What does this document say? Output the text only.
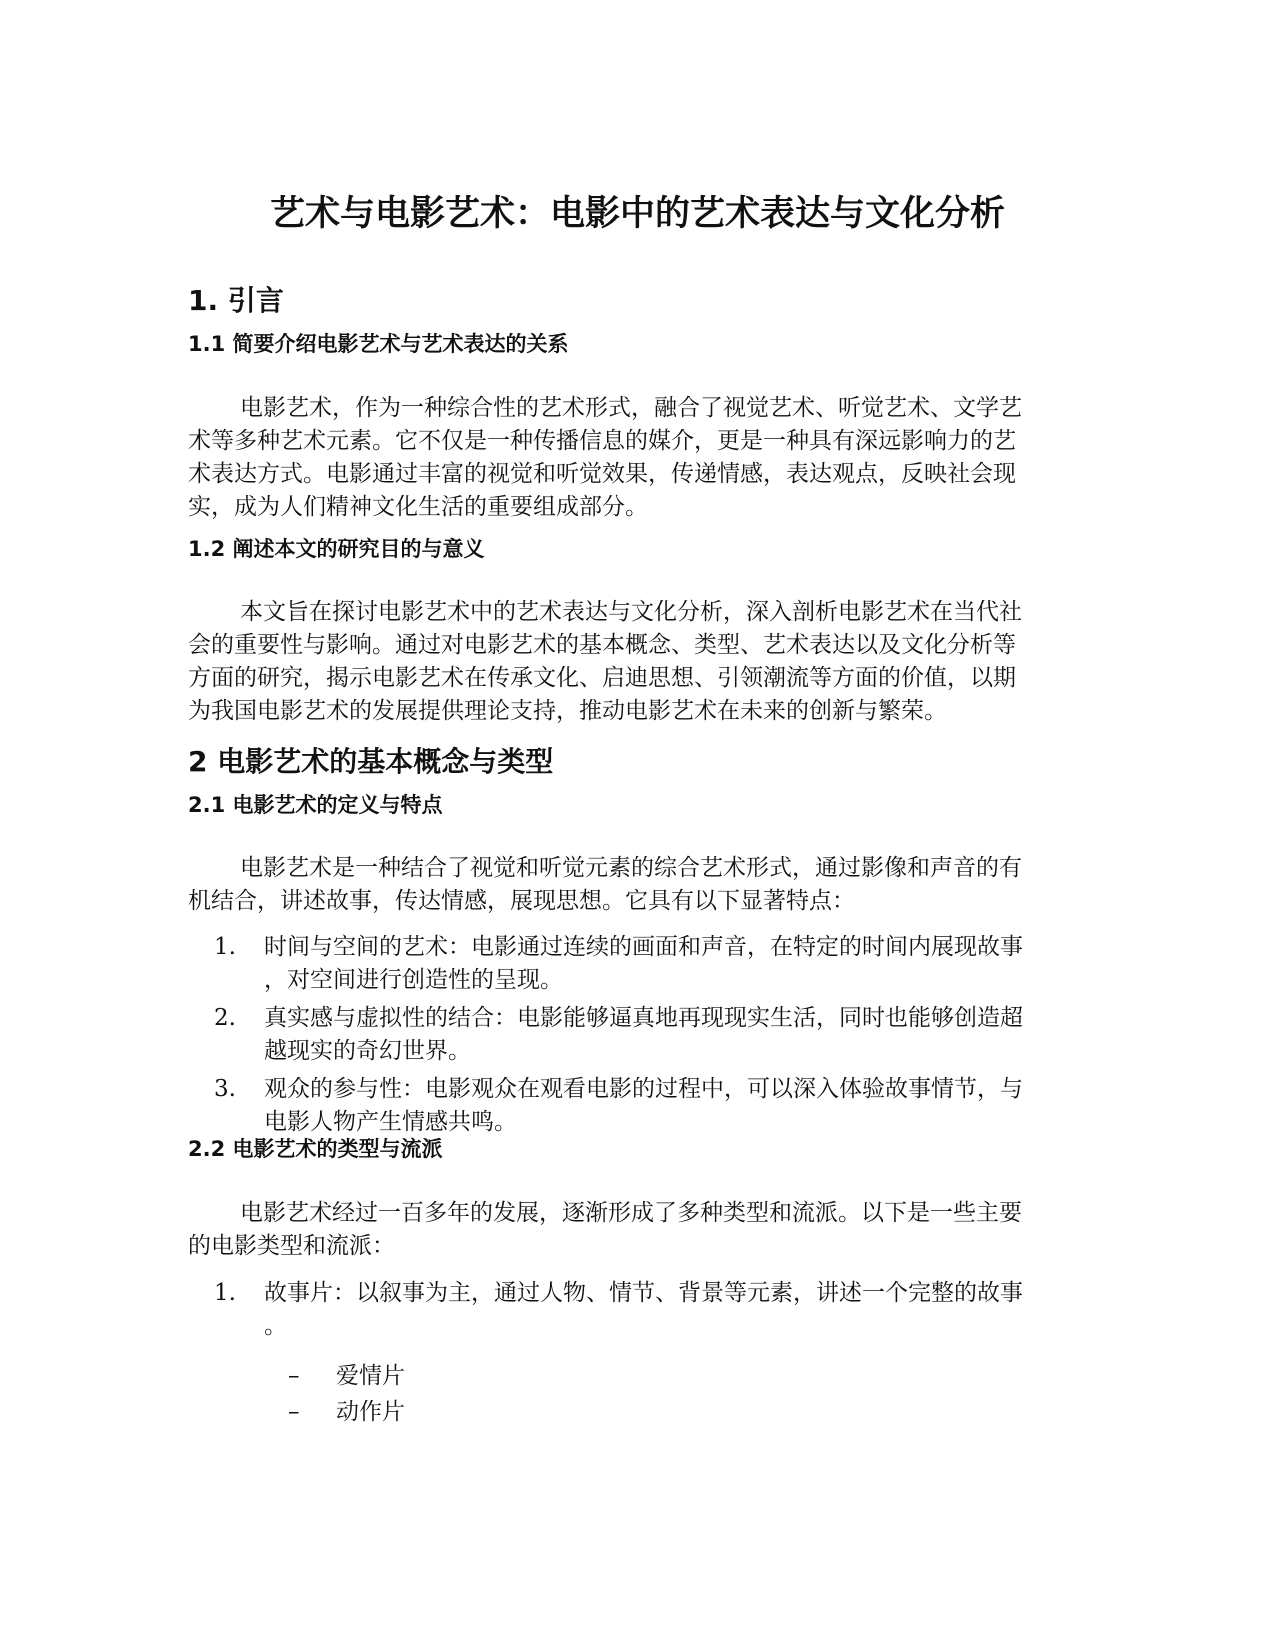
艺术与电影艺术：电影中的艺术表达与文化分析
1. 引言
1.1 简要介绍电影艺术与艺术表达的关系
电影艺术，作为一种综合性的艺术形式，融合了视觉艺术、听觉艺术、文学艺
术等多种艺术元素。它不仅是一种传播信息的媒介，更是一种具有深远影响力的艺
术表达方式。电影通过丰富的视觉和听觉效果，传递情感，表达观点，反映社会现
实，成为人们精神文化生活的重要组成部分。
1.2 阐述本文的研究目的与意义
本文旨在探讨电影艺术中的艺术表达与文化分析，深入剖析电影艺术在当代社
会的重要性与影响。通过对电影艺术的基本概念、类型、艺术表达以及文化分析等
方面的研究，揭示电影艺术在传承文化、启迪思想、引领潮流等方面的价值，以期
为我国电影艺术的发展提供理论支持，推动电影艺术在未来的创新与繁荣。
2 电影艺术的基本概念与类型
2.1 电影艺术的定义与特点
电影艺术是一种结合了视觉和听觉元素的综合艺术形式，通过影像和声音的有
机结合，讲述故事，传达情感，展现思想。它具有以下显著特点：
1. 时间与空间的艺术：电影通过连续的画面和声音，在特定的时间内展现故事
，对空间进行创造性的呈现。
2. 真实感与虚拟性的结合：电影能够逼真地再现现实生活，同时也能够创造超
越现实的奇幻世界。
3. 观众的参与性：电影观众在观看电影的过程中，可以深入体验故事情节，与
电影人物产生情感共鸣。
2.2 电影艺术的类型与流派
电影艺术经过一百多年的发展，逐渐形成了多种类型和流派。以下是一些主要
的电影类型和流派：
1. 故事片：以叙事为主，通过人物、情节、背景等元素，讲述一个完整的故事
。
– 爱情片
– 动作片
